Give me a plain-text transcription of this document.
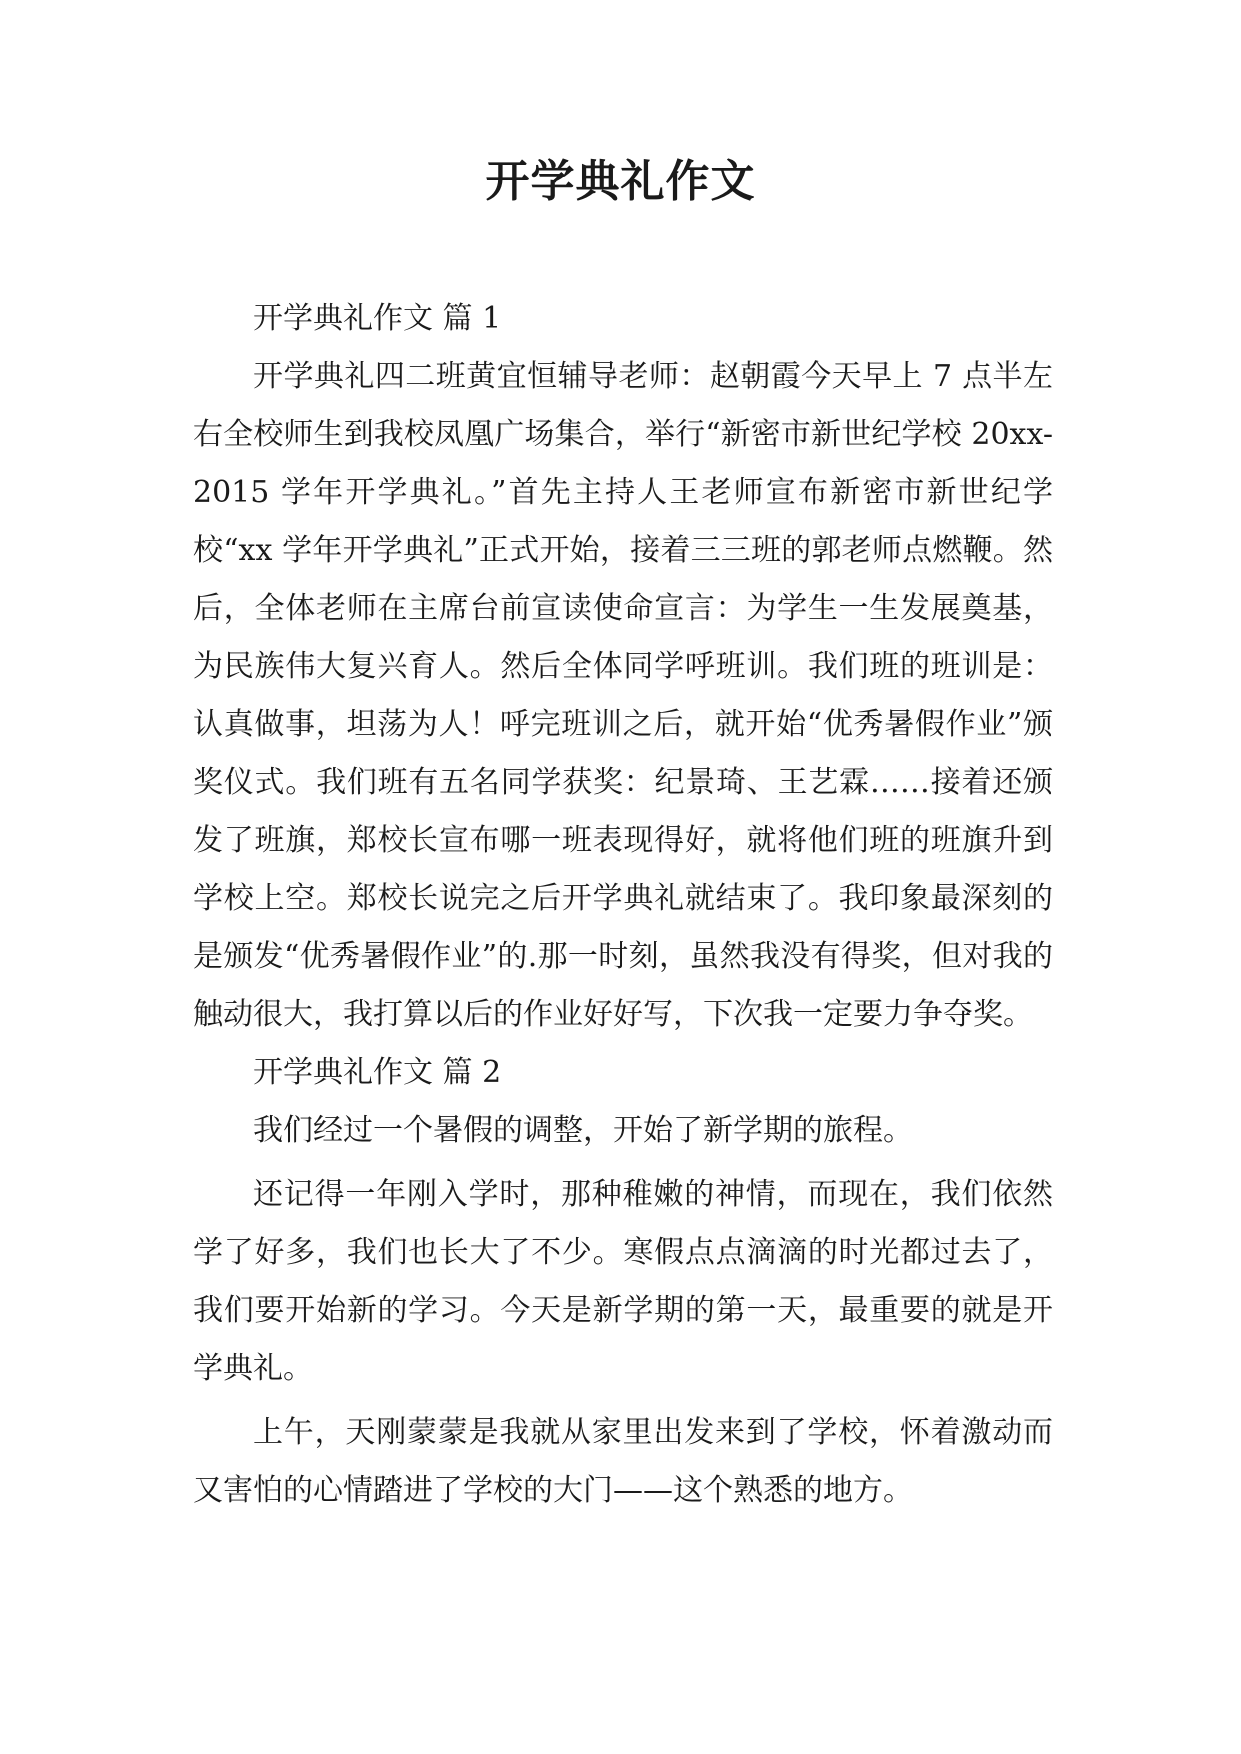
开学典礼作文

开学典礼作文 篇 1

开学典礼四二班黄宜恒辅导老师：赵朝霞今天早上 7 点半左右全校师生到我校凤凰广场集合，举行“新密市新世纪学校 20xx-2015 学年开学典礼。”首先主持人王老师宣布新密市新世纪学校“xx 学年开学典礼”正式开始，接着三三班的郭老师点燃鞭。然后，全体老师在主席台前宣读使命宣言：为学生一生发展奠基，为民族伟大复兴育人。然后全体同学呼班训。我们班的班训是：认真做事，坦荡为人！呼完班训之后，就开始“优秀暑假作业”颁奖仪式。我们班有五名同学获奖：纪景琦、王艺霖……接着还颁发了班旗，郑校长宣布哪一班表现得好，就将他们班的班旗升到学校上空。郑校长说完之后开学典礼就结束了。我印象最深刻的是颁发“优秀暑假作业”的.那一时刻，虽然我没有得奖，但对我的触动很大，我打算以后的作业好好写，下次我一定要力争夺奖。

开学典礼作文 篇 2

我们经过一个暑假的调整，开始了新学期的旅程。

还记得一年刚入学时，那种稚嫩的神情，而现在，我们依然学了好多，我们也长大了不少。寒假点点滴滴的时光都过去了，我们要开始新的学习。今天是新学期的第一天，最重要的就是开学典礼。

上午，天刚蒙蒙是我就从家里出发来到了学校，怀着激动而又害怕的心情踏进了学校的大门——这个熟悉的地方。
